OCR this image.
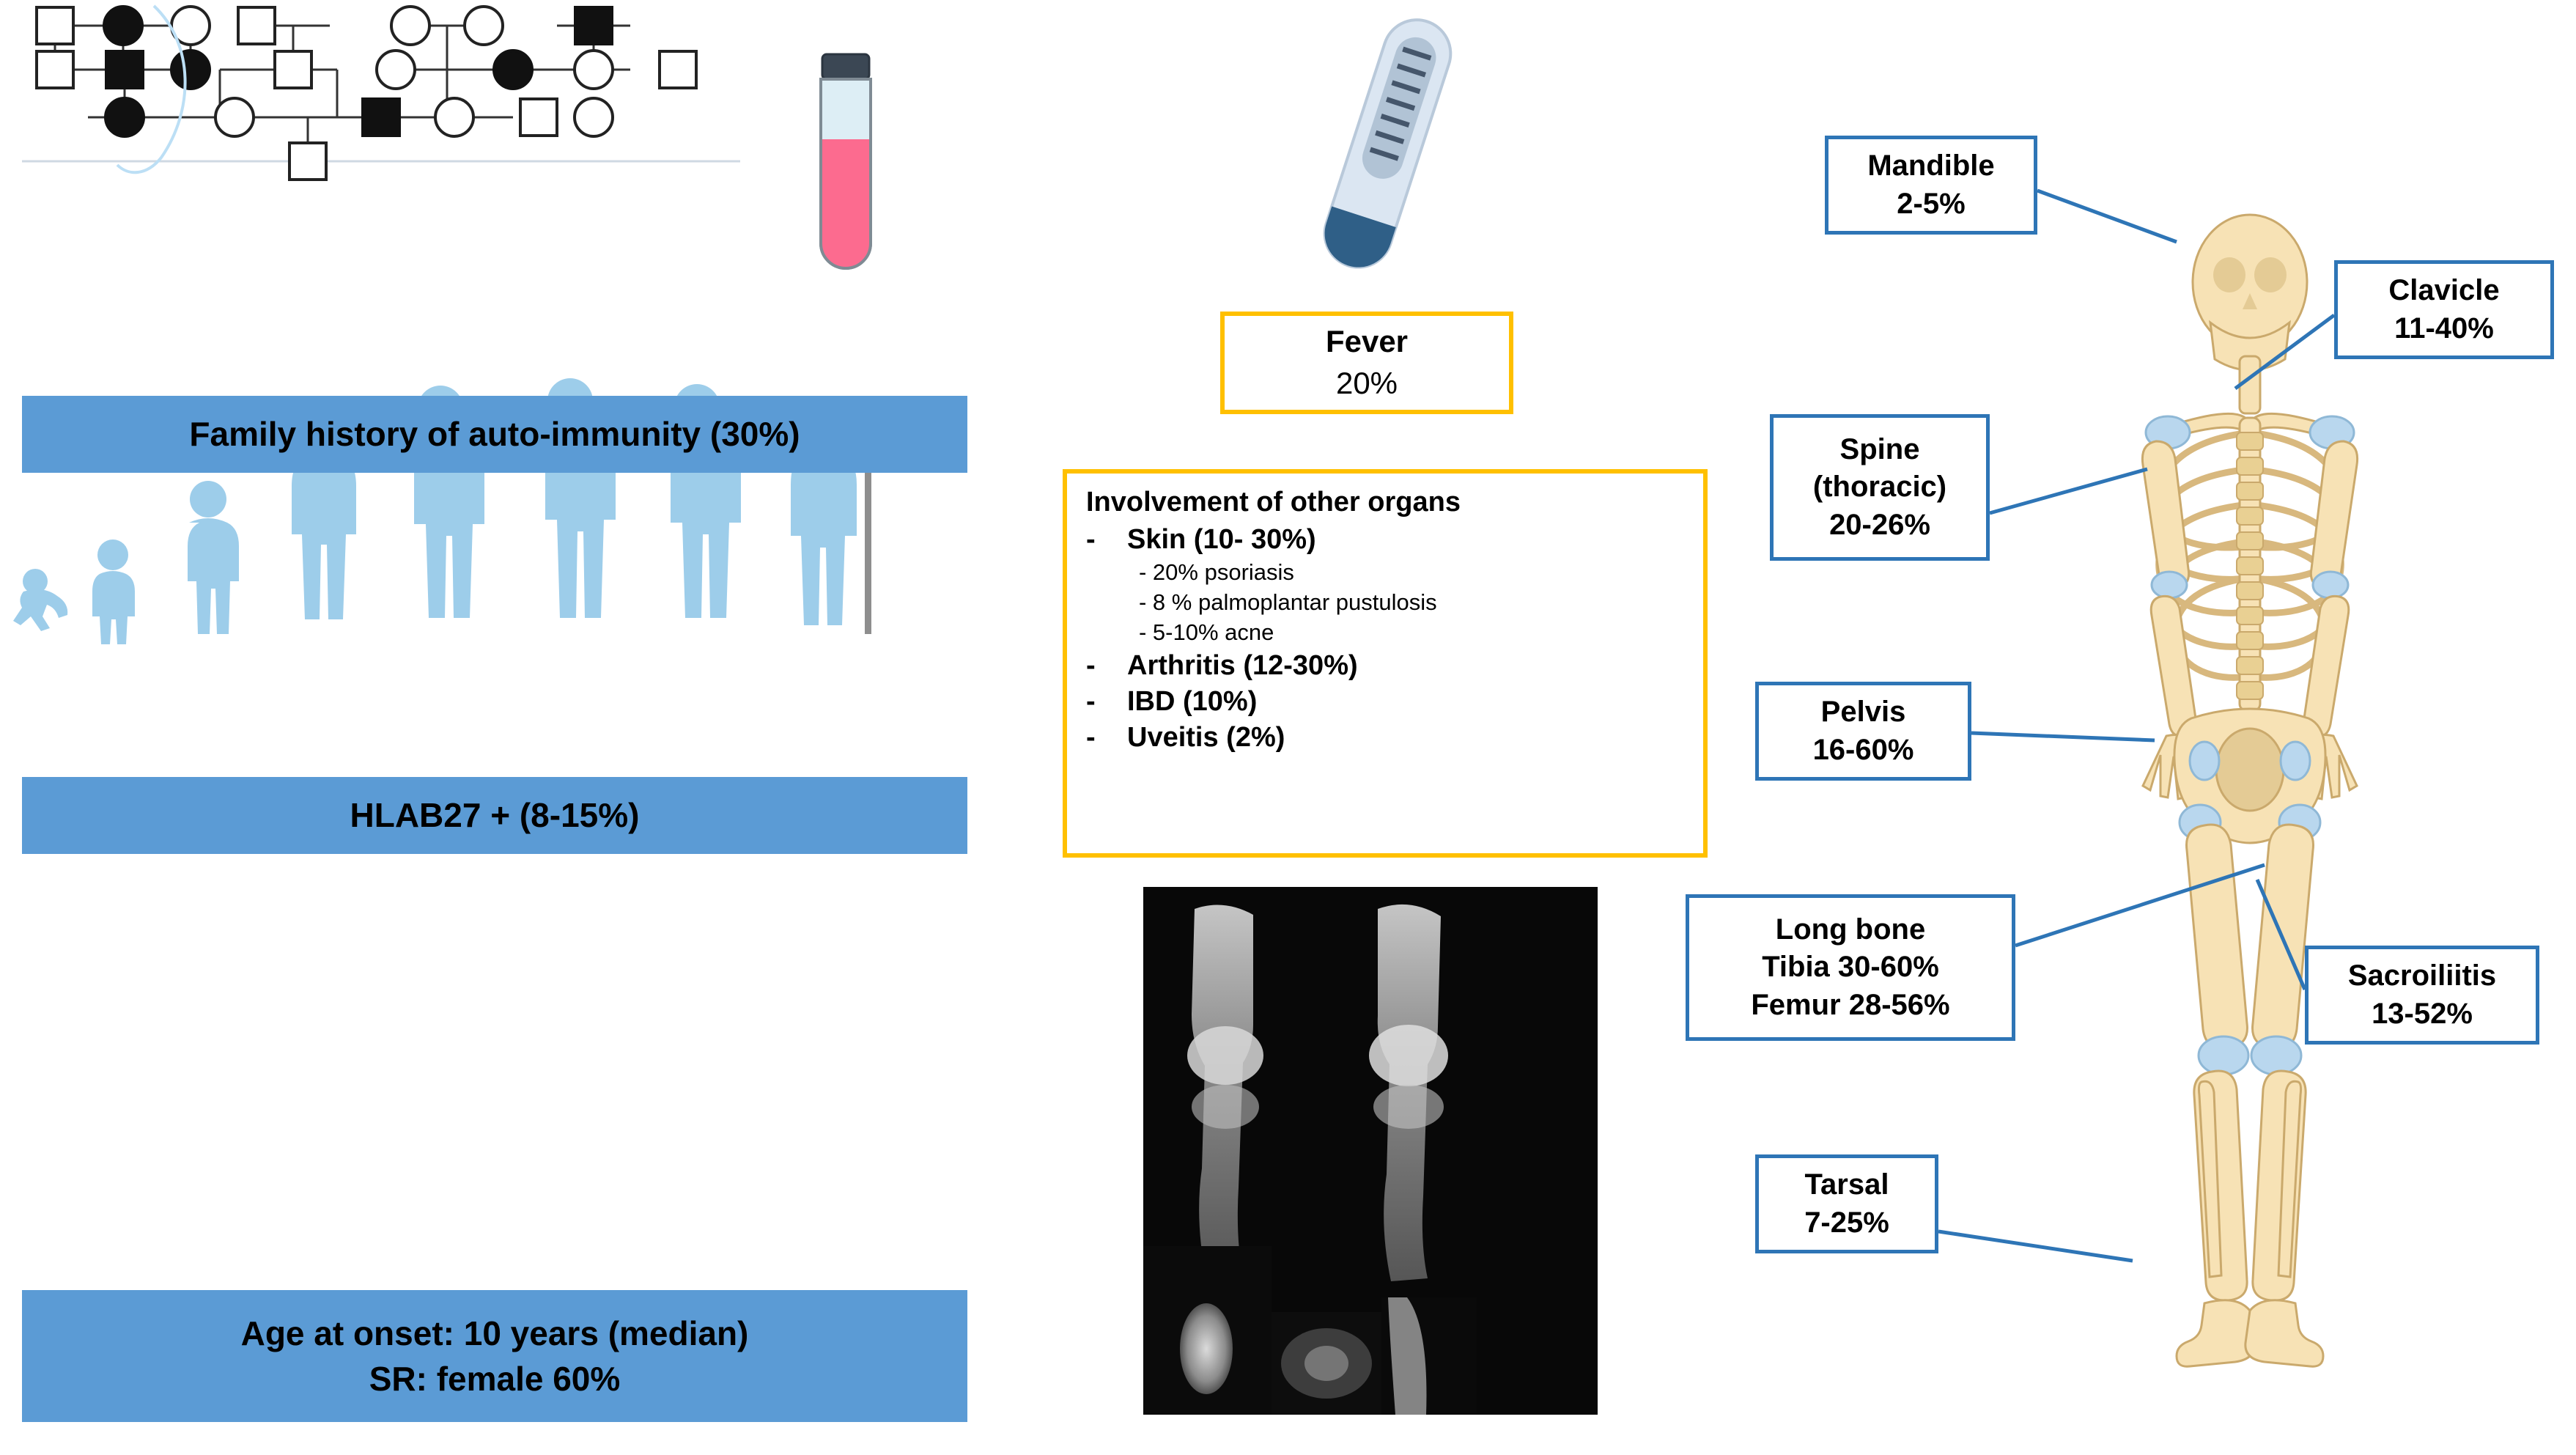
Family history of auto-immunity (30%)

HLAB27 + (8-15%)
Age at onset: 10 years (median)
SR: female 60%
Fever
20%
Involvement of other organs
-	Skin (10- 30%)
- 20% psoriasis
- 8 % palmoplantar pustulosis
- 5-10% acne
-	Arthritis (12-30%)
-	IBD (10%)
-	Uveitis (2%)
Mandible
2-5%
Clavicle
11-40%
Spine
(thoracic)
20-26%
Pelvis
16-60%
Long bone
Tibia 30-60%
Femur 28-56%
Sacroiliitis
13-52%
Tarsal
7-25%
